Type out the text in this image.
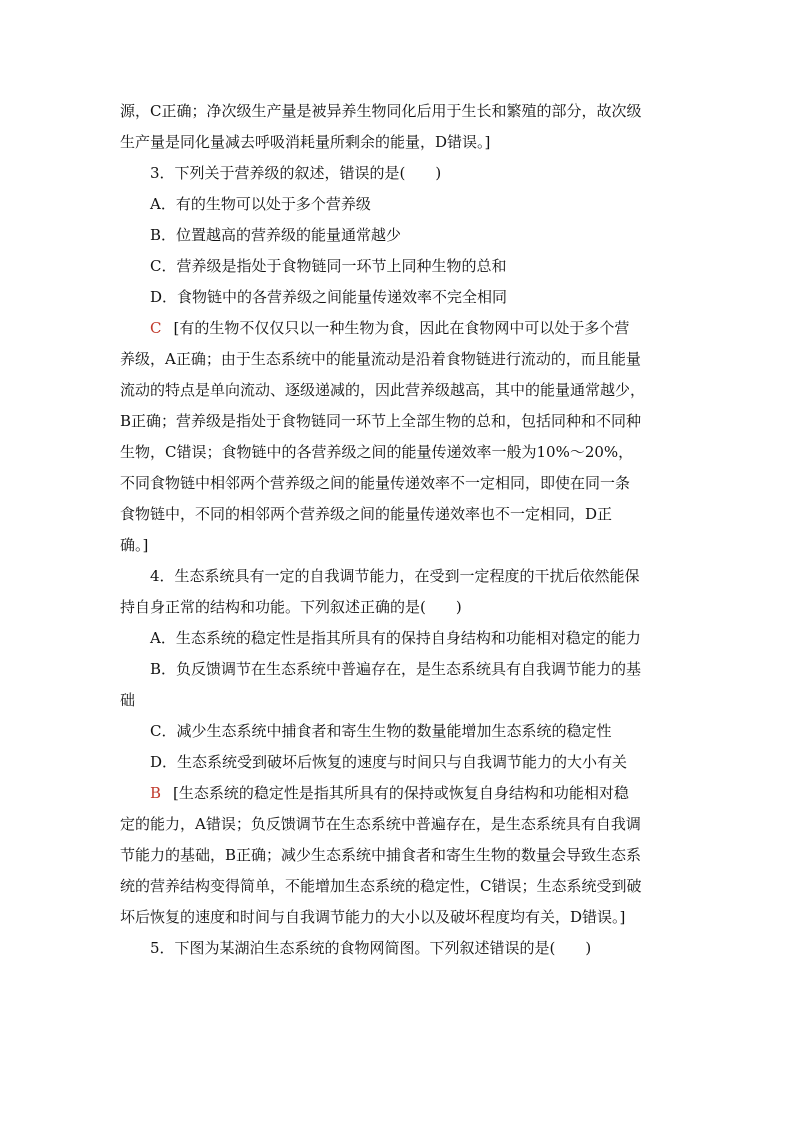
源，C正确；净次级生产量是被异养生物同化后用于生长和繁殖的部分，故次级
生产量是同化量减去呼吸消耗量所剩余的能量，D错误。]
3．下列关于营养级的叙述，错误的是(　　)
A．有的生物可以处于多个营养级
B．位置越高的营养级的能量通常越少
C．营养级是指处于食物链同一环节上同种生物的总和
D．食物链中的各营养级之间能量传递效率不完全相同
C [有的生物不仅仅只以一种生物为食，因此在食物网中可以处于多个营
养级，A正确；由于生态系统中的能量流动是沿着食物链进行流动的，而且能量
流动的特点是单向流动、逐级递减的，因此营养级越高，其中的能量通常越少，
B正确；营养级是指处于食物链同一环节上全部生物的总和，包括同种和不同种
生物，C错误；食物链中的各营养级之间的能量传递效率一般为10%～20%，
不同食物链中相邻两个营养级之间的能量传递效率不一定相同，即使在同一条
食物链中，不同的相邻两个营养级之间的能量传递效率也不一定相同，D正
确。]
4．生态系统具有一定的自我调节能力，在受到一定程度的干扰后依然能保
持自身正常的结构和功能。下列叙述正确的是(　　)
A．生态系统的稳定性是指其所具有的保持自身结构和功能相对稳定的能力
B．负反馈调节在生态系统中普遍存在，是生态系统具有自我调节能力的基
础
C．减少生态系统中捕食者和寄生生物的数量能增加生态系统的稳定性
D．生态系统受到破坏后恢复的速度与时间只与自我调节能力的大小有关
B [生态系统的稳定性是指其所具有的保持或恢复自身结构和功能相对稳
定的能力，A错误；负反馈调节在生态系统中普遍存在，是生态系统具有自我调
节能力的基础，B正确；减少生态系统中捕食者和寄生生物的数量会导致生态系
统的营养结构变得简单，不能增加生态系统的稳定性，C错误；生态系统受到破
坏后恢复的速度和时间与自我调节能力的大小以及破坏程度均有关，D错误。]
5．下图为某湖泊生态系统的食物网简图。下列叙述错误的是(　　)
